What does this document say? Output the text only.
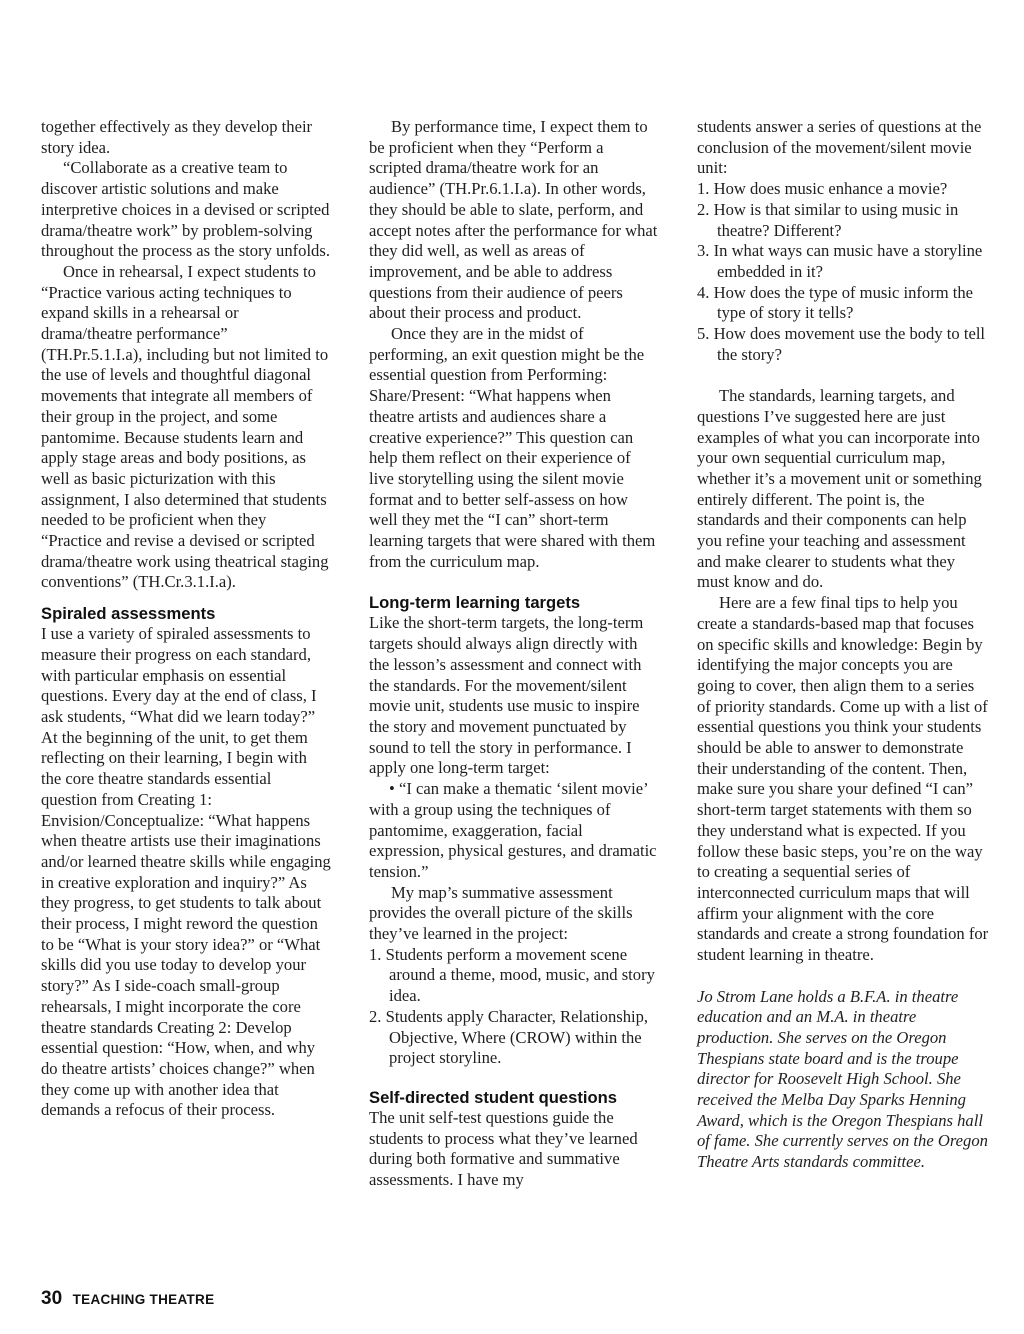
together effectively as they develop their story idea.

“Collaborate as a creative team to discover artistic solutions and make interpretive choices in a devised or scripted drama/theatre work” by problem-solving throughout the process as the story unfolds.

Once in rehearsal, I expect students to “Practice various acting techniques to expand skills in a rehearsal or drama/theatre performance” (TH.Pr.5.1.I.a), including but not limited to the use of levels and thoughtful diagonal movements that integrate all members of their group in the project, and some pantomime. Because students learn and apply stage areas and body positions, as well as basic picturization with this assignment, I also determined that students needed to be proficient when they “Practice and revise a devised or scripted drama/theatre work using theatrical staging conventions” (TH.Cr.3.1.I.a).

Spiraled assessments

I use a variety of spiraled assessments to measure their progress on each standard, with particular emphasis on essential questions. Every day at the end of class, I ask students, “What did we learn today?” At the beginning of the unit, to get them reflecting on their learning, I begin with the core theatre standards essential question from Creating 1: Envision/Conceptualize: “What happens when theatre artists use their imaginations and/or learned theatre skills while engaging in creative exploration and inquiry?” As they progress, to get students to talk about their process, I might reword the question to be “What is your story idea?” or “What skills did you use today to develop your story?” As I side-coach small-group rehearsals, I might incorporate the core theatre standards Creating 2: Develop essential question: “How, when, and why do theatre artists’ choices change?” when they come up with another idea that demands a refocus of their process.

By performance time, I expect them to be proficient when they “Perform a scripted drama/theatre work for an audience” (TH.Pr.6.1.I.a). In other words, they should be able to slate, perform, and accept notes after the performance for what they did well, as well as areas of improvement, and be able to address questions from their audience of peers about their process and product.

Once they are in the midst of performing, an exit question might be the essential question from Performing: Share/Present: “What happens when theatre artists and audiences share a creative experience?” This question can help them reflect on their experience of live storytelling using the silent movie format and to better self-assess on how well they met the “I can” short-term learning targets that were shared with them from the curriculum map.

Long-term learning targets

Like the short-term targets, the long-term targets should always align directly with the lesson’s assessment and connect with the standards. For the movement/silent movie unit, students use music to inspire the story and movement punctuated by sound to tell the story in performance. I apply one long-term target:

• “I can make a thematic ‘silent movie’ with a group using the techniques of pantomime, exaggeration, facial expression, physical gestures, and dramatic tension.”

My map’s summative assessment provides the overall picture of the skills they’ve learned in the project:

1. Students perform a movement scene around a theme, mood, music, and story idea.
2. Students apply Character, Relationship, Objective, Where (CROW) within the project storyline.
Self-directed student questions

The unit self-test questions guide the students to process what they’ve learned during both formative and summative assessments. I have my

students answer a series of questions at the conclusion of the movement/silent movie unit:

1. How does music enhance a movie?
2. How is that similar to using music in theatre? Different?
3. In what ways can music have a storyline embedded in it?
4. How does the type of music inform the type of story it tells?
5. How does movement use the body to tell the story?

The standards, learning targets, and questions I’ve suggested here are just examples of what you can incorporate into your own sequential curriculum map, whether it’s a movement unit or something entirely different. The point is, the standards and their components can help you refine your teaching and assessment and make clearer to students what they must know and do.

Here are a few final tips to help you create a standards-based map that focuses on specific skills and knowledge: Begin by identifying the major concepts you are going to cover, then align them to a series of priority standards. Come up with a list of essential questions you think your students should be able to answer to demonstrate their understanding of the content. Then, make sure you share your defined “I can” short-term target statements with them so they understand what is expected. If you follow these basic steps, you’re on the way to creating a sequential series of interconnected curriculum maps that will affirm your alignment with the core standards and create a strong foundation for student learning in theatre.

Jo Strom Lane holds a B.F.A. in theatre education and an M.A. in theatre production. She serves on the Oregon Thespians state board and is the troupe director for Roosevelt High School. She received the Melba Day Sparks Henning Award, which is the Oregon Thespians hall of fame. She currently serves on the Oregon Theatre Arts standards committee.

30 TEACHING THEATRE
